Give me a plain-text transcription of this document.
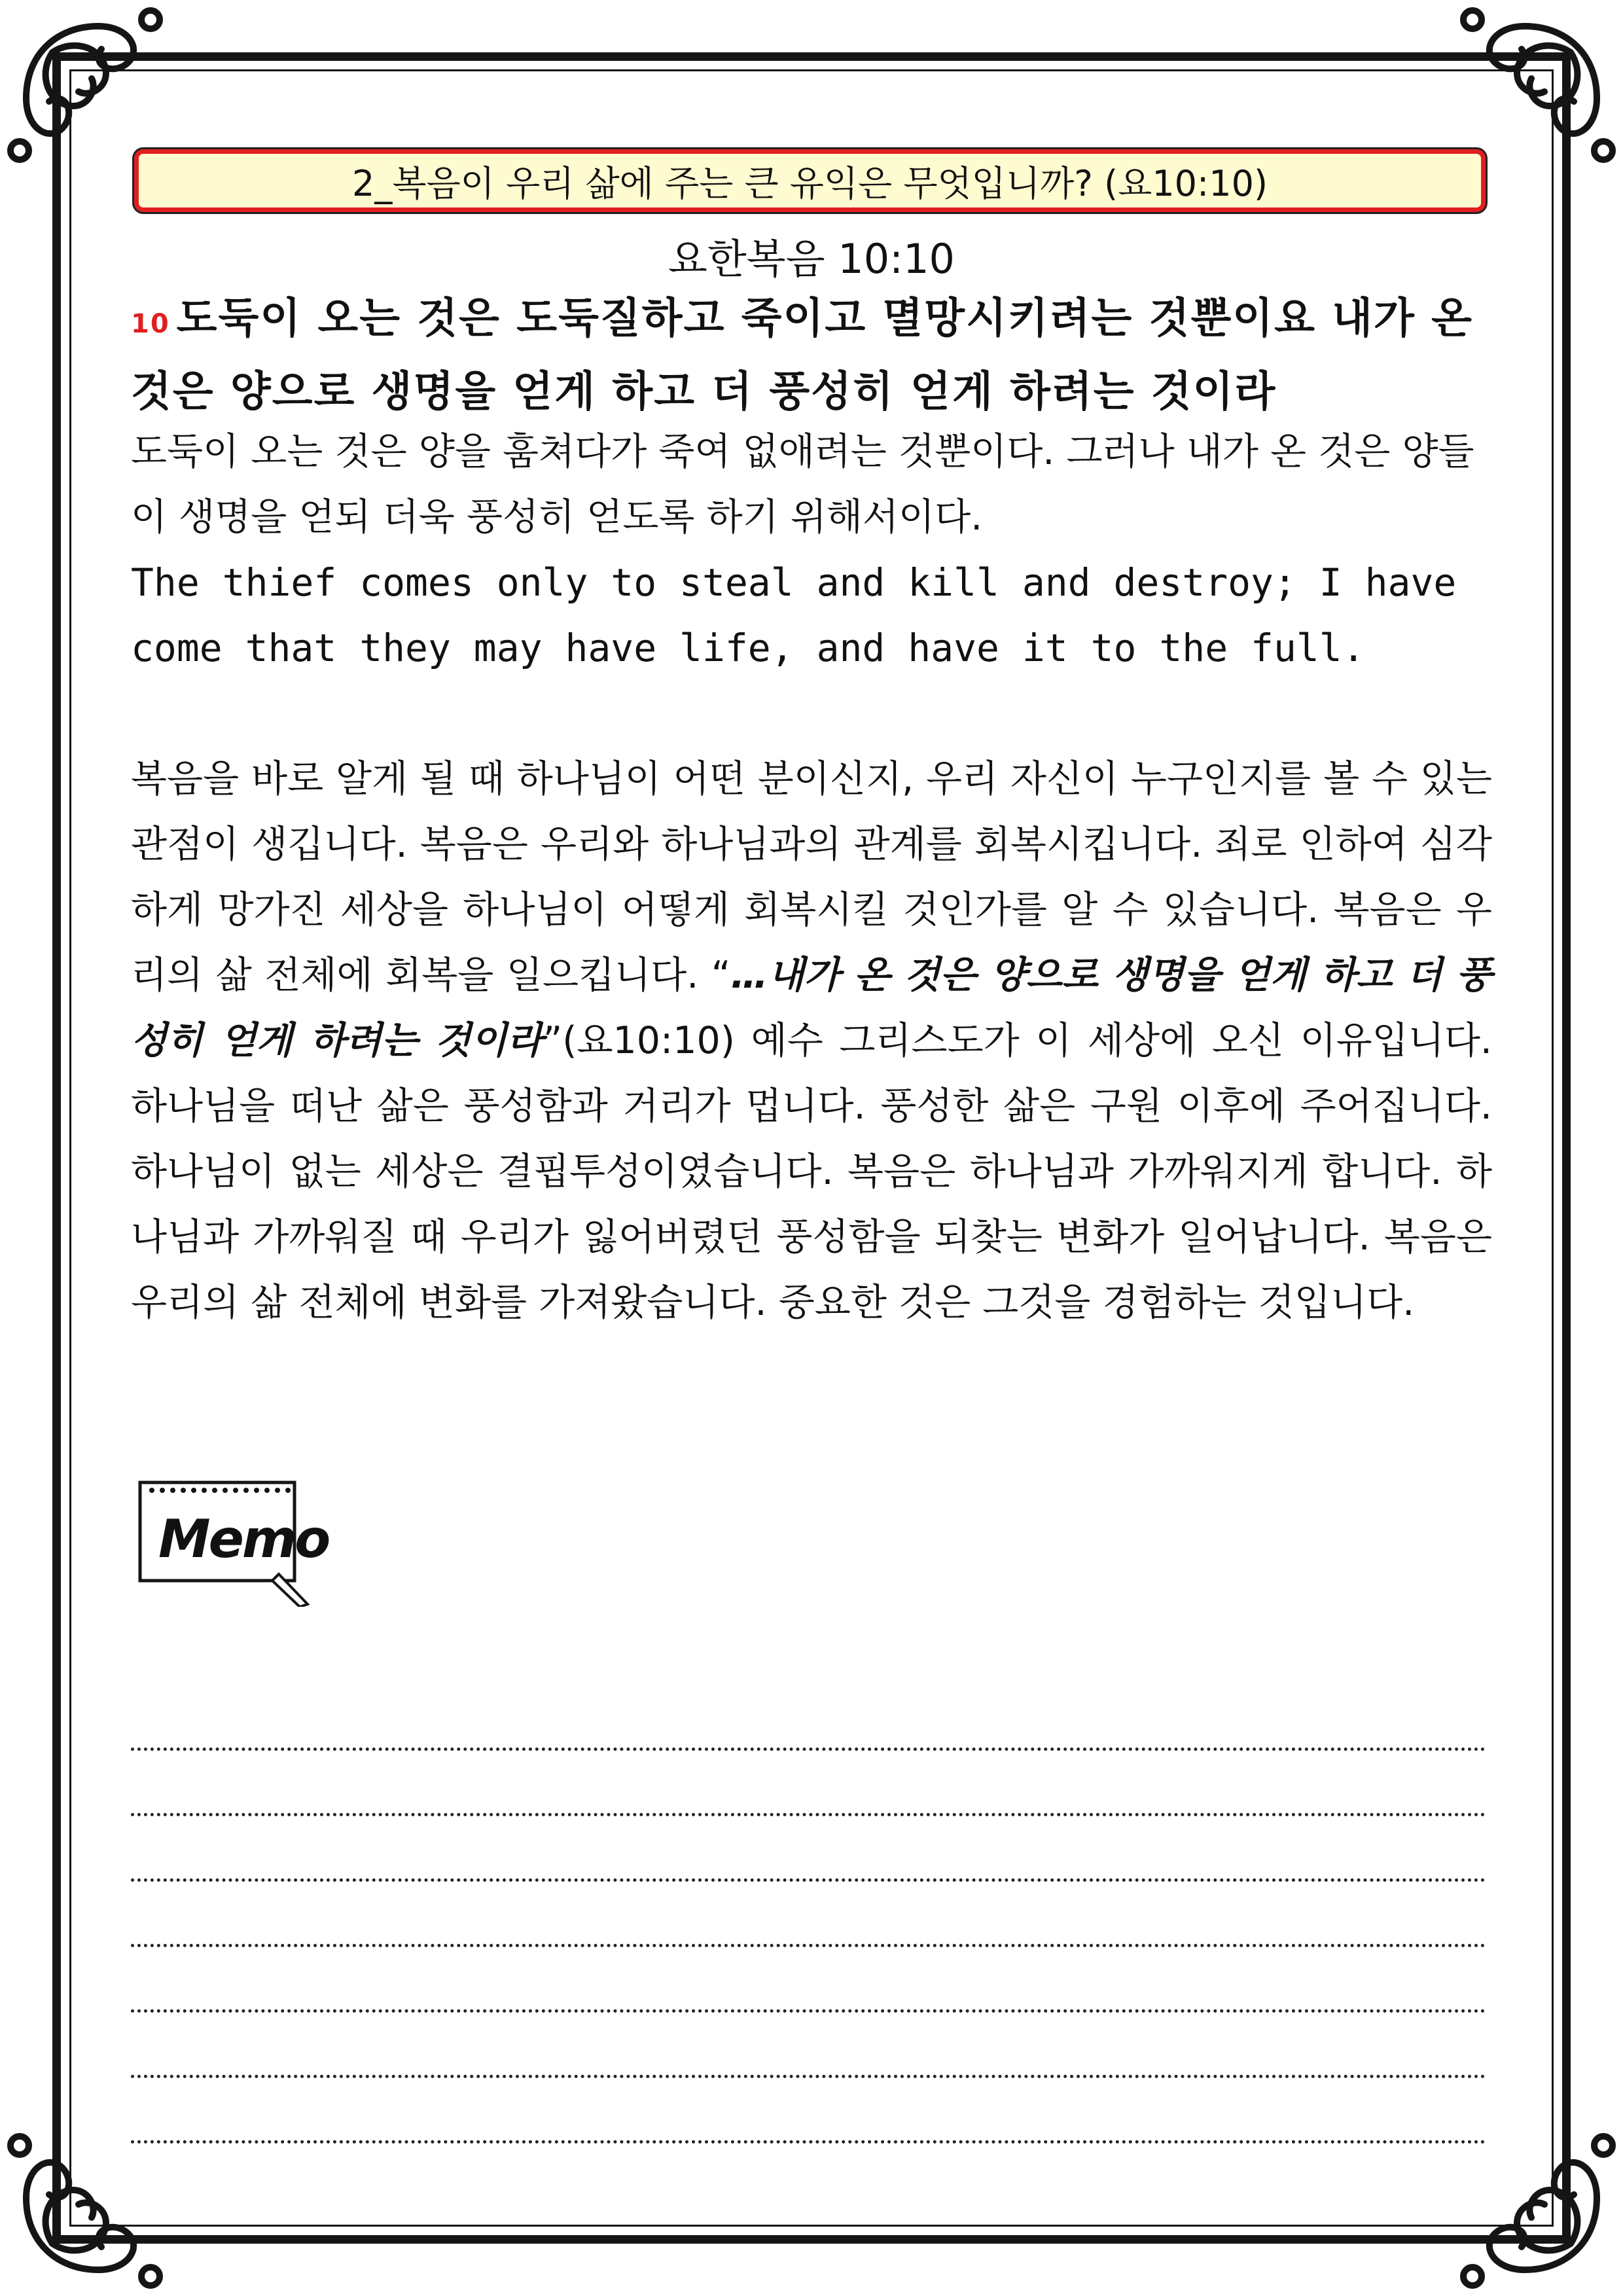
2_복음이 우리 삶에 주는 큰 유익은 무엇입니까? (요10:10)
요한복음 10:10
10 도둑이 오는 것은 도둑질하고 죽이고 멸망시키려는 것뿐이요 내가 온 것은 양으로 생명을 얻게 하고 더 풍성히 얻게 하려는 것이라
도둑이 오는 것은 양을 훔쳐다가 죽여 없애려는 것뿐이다. 그러나 내가 온 것은 양들이 생명을 얻되 더욱 풍성히 얻도록 하기 위해서이다.
The thief comes only to steal and kill and destroy; I have come that they may have life, and have it to the full.
복음을 바로 알게 될 때 하나님이 어떤 분이신지, 우리 자신이 누구인지를 볼 수 있는 관점이 생깁니다. 복음은 우리와 하나님과의 관계를 회복시킵니다. 죄로 인하여 심각하게 망가진 세상을 하나님이 어떻게 회복시킬 것인가를 알 수 있습니다. 복음은 우리의 삶 전체에 회복을 일으킵니다. “…내가 온 것은 양으로 생명을 얻게 하고 더 풍성히 얻게 하려는 것이라”(요10:10) 예수 그리스도가 이 세상에 오신 이유입니다. 하나님을 떠난 삶은 풍성함과 거리가 멉니다. 풍성한 삶은 구원 이후에 주어집니다. 하나님이 없는 세상은 결핍투성이였습니다. 복음은 하나님과 가까워지게 합니다. 하나님과 가까워질 때 우리가 잃어버렸던 풍성함을 되찾는 변화가 일어납니다. 복음은 우리의 삶 전체에 변화를 가져왔습니다. 중요한 것은 그것을 경험하는 것입니다.
Memo
